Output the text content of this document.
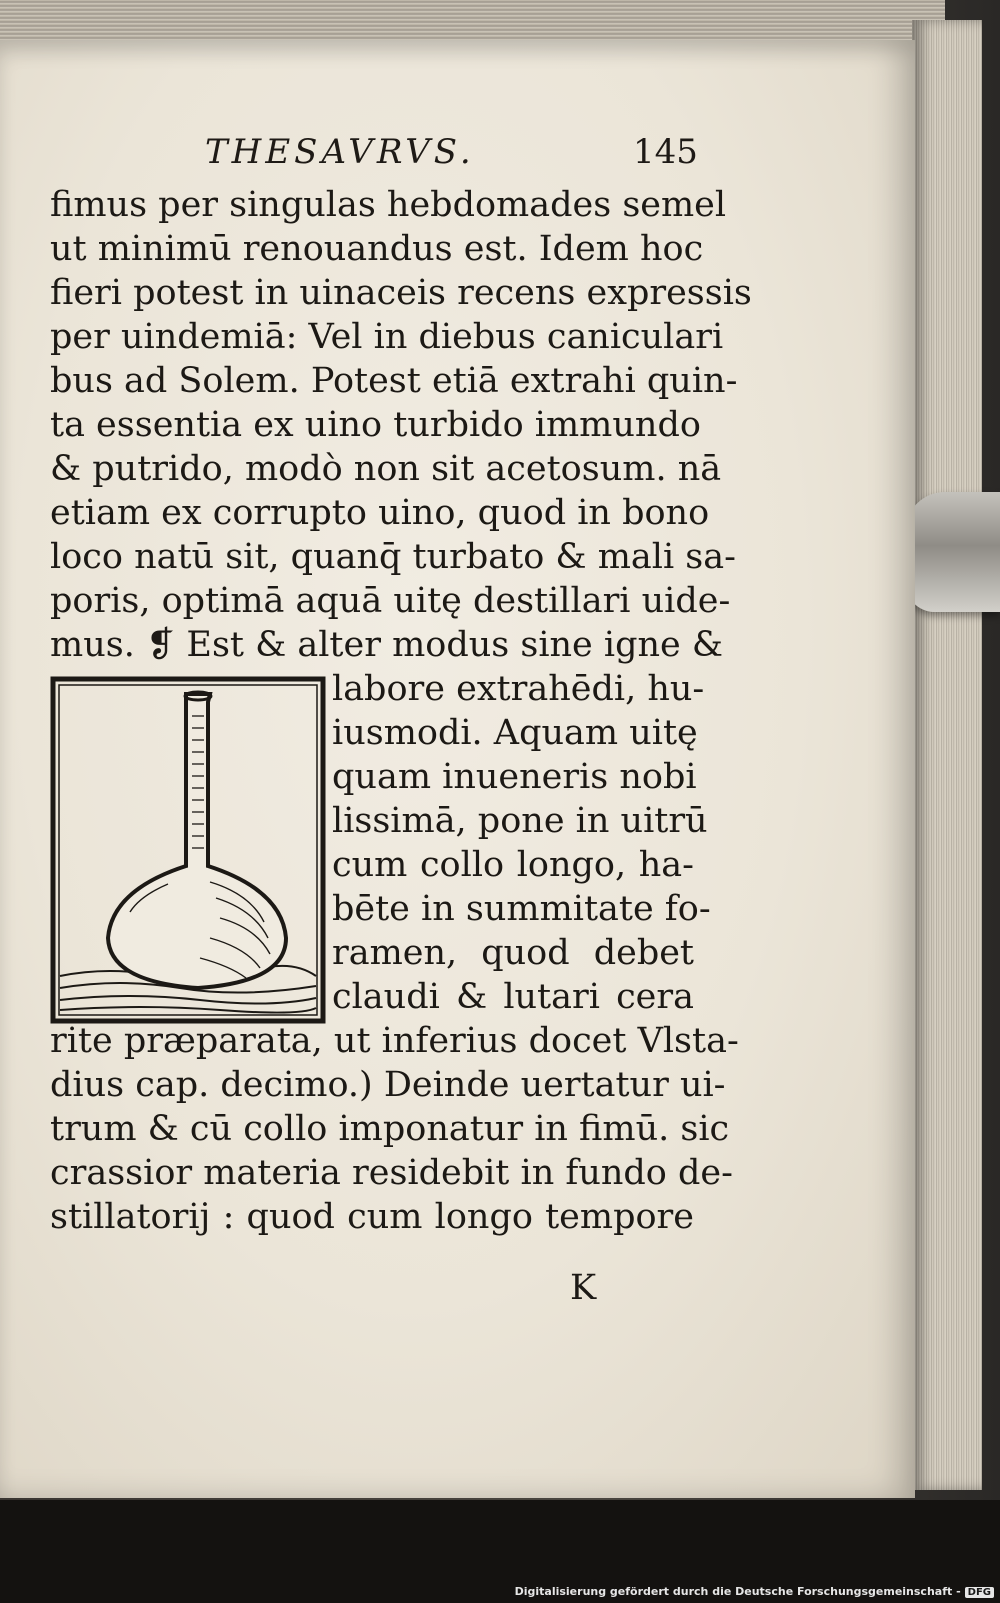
THESAVRVS.	145

fimus per singulas hebdomades semel

ut minimū renouandus est. Idem hoc

fieri potest in uinaceis recens expressis

per uindemiā: Vel in diebus caniculari

bus ad Solem. Potest etiā extrahi quin-

ta essentia ex uino turbido immundo

& putrido, modò non sit acetosum. nā

etiam ex corrupto uino, quod in bono

loco natū sit, quanq̄ turbato & mali sa-

poris, optimā aquā uitę destillari uide-

mus. ❡ Est & alter modus sine igne &

labore extrahēdi, hu-

iusmodi. Aquam uitę

quam inueneris nobi

lissimā, pone in uitrū

cum collo longo, ha-

bēte in summitate fo-

ramen, quod debet

claudi & lutari cera

rite præparata, ut inferius docet Vlsta-

dius cap. decimo.) Deinde uertatur ui-

trum & cū collo imponatur in fimū. sic

crassior materia residebit in fundo de-

stillatorij : quod cum longo tempore

K
Digitalisierung gefördert durch die Deutsche Forschungsgemeinschaft - DFG
